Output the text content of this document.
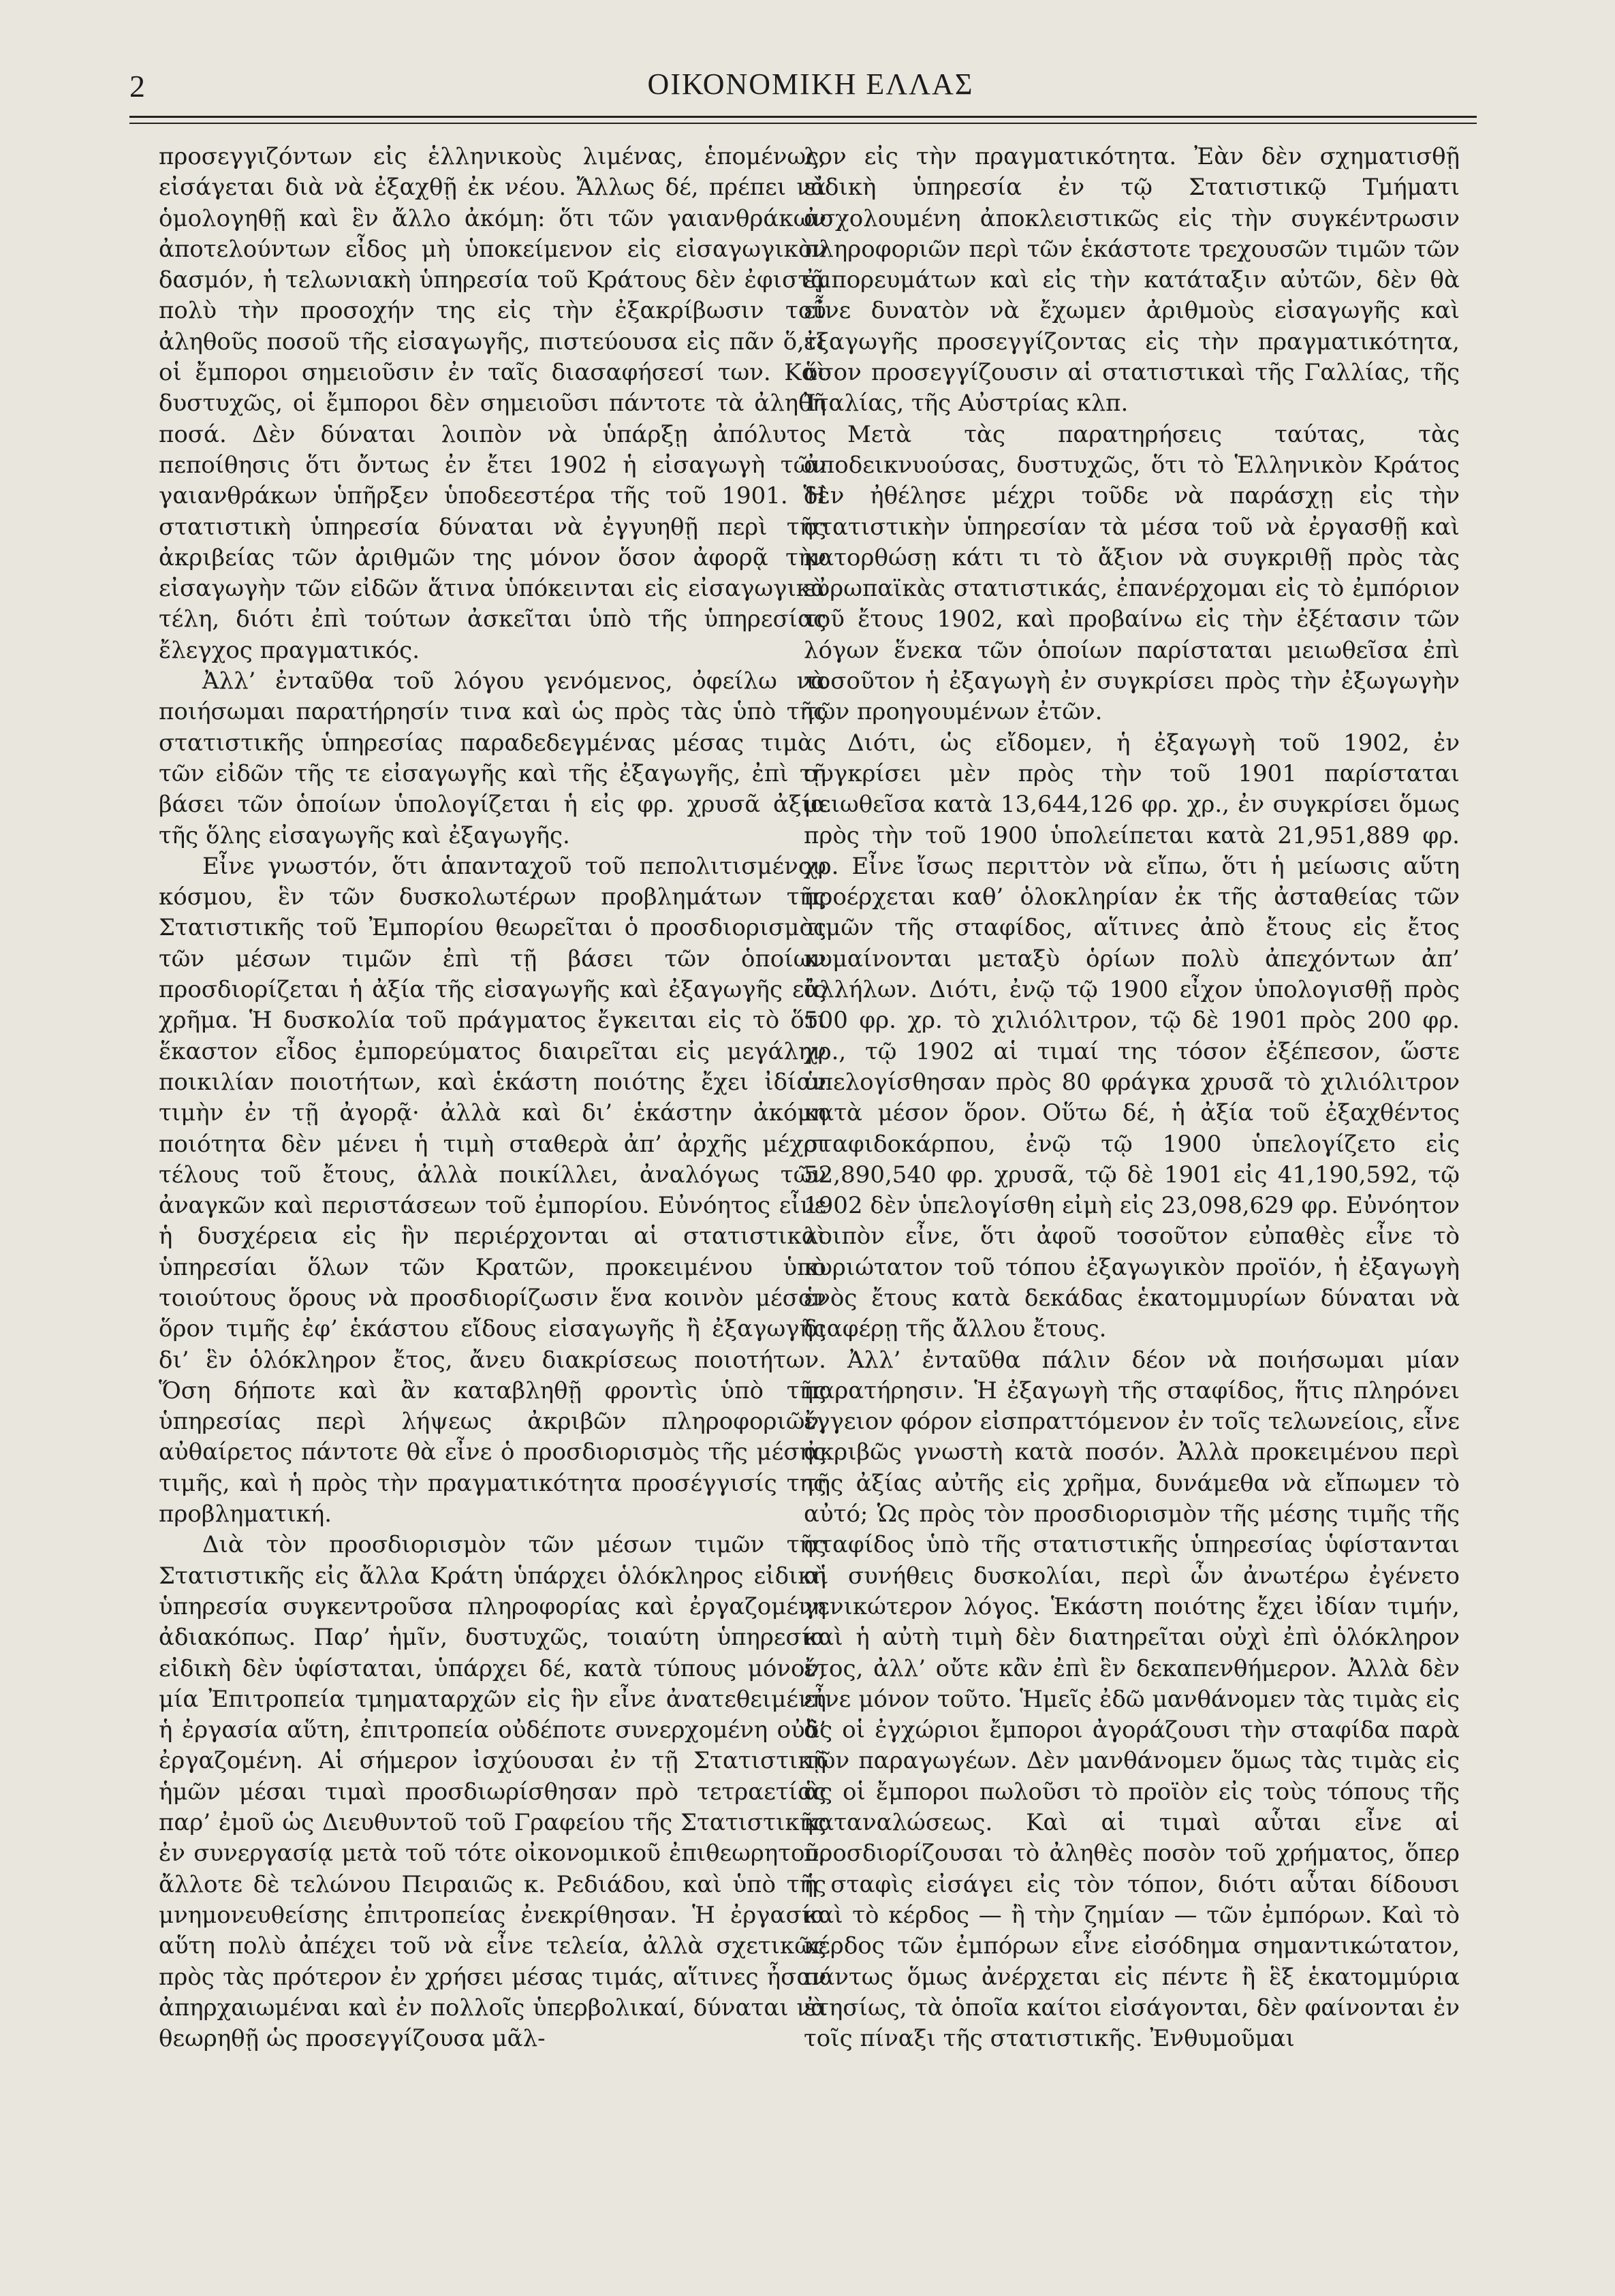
2	ΟΙΚΟΝΟΜΙΚΗ ΕΛΛΑΣ

προσεγγιζόντων εἰς ἑλληνικοὺς λιμένας, ἑπομένως, εἰσάγεται διὰ νὰ ἐξαχθῇ ἐκ νέου. Ἄλλως δέ, πρέπει νὰ ὁμολογηθῇ καὶ ἓν ἄλλο ἀκόμη: ὅτι τῶν γαιανθράκων ἀποτελούντων εἶδος μὴ ὑποκείμενον εἰς εἰσαγωγικὸν δασμόν, ἡ τελωνιακὴ ὑπηρεσία τοῦ Κράτους δὲν ἐφιστᾷ πολὺ τὴν προσοχήν της εἰς τὴν ἐξακρίβωσιν τοῦ ἀληθοῦς ποσοῦ τῆς εἰσαγωγῆς, πιστεύουσα εἰς πᾶν ὅ,τι οἱ ἔμποροι σημειοῦσιν ἐν ταῖς διασαφήσεσί των. Καὶ δυστυχῶς, οἱ ἔμποροι δὲν σημειοῦσι πάντοτε τὰ ἀληθῆ ποσά. Δὲν δύναται λοιπὸν νὰ ὑπάρξῃ ἀπόλυτος πεποίθησις ὅτι ὄντως ἐν ἔτει 1902 ἡ εἰσαγωγὴ τῶν γαιανθράκων ὑπῆρξεν ὑποδεεστέρα τῆς τοῦ 1901. Ἡ στατιστικὴ ὑπηρεσία δύναται νὰ ἐγγυηθῇ περὶ τῆς ἀκριβείας τῶν ἀριθμῶν της μόνον ὅσον ἀφορᾷ τὴν εἰσαγωγὴν τῶν εἰδῶν ἅτινα ὑπόκεινται εἰς εἰσαγωγικὰ τέλη, διότι ἐπὶ τούτων ἀσκεῖται ὑπὸ τῆς ὑπηρεσίας ἔλεγχος πραγματικός.

Ἀλλ’ ἐνταῦθα τοῦ λόγου γενόμενος, ὀφείλω νὰ ποιήσωμαι παρατήρησίν τινα καὶ ὡς πρὸς τὰς ὑπὸ τῆς στατιστικῆς ὑπηρεσίας παραδεδεγμένας μέσας τιμὰς τῶν εἰδῶν τῆς τε εἰσαγωγῆς καὶ τῆς ἐξαγωγῆς, ἐπὶ τῇ βάσει τῶν ὁποίων ὑπολογίζεται ἡ εἰς φρ. χρυσᾶ ἀξία τῆς ὅλης εἰσαγωγῆς καὶ ἐξαγωγῆς.

Εἶνε γνωστόν, ὅτι ἁπανταχοῦ τοῦ πεπολιτισμένου κόσμου, ἓν τῶν δυσκολωτέρων προβλημάτων τῆς Στατιστικῆς τοῦ Ἐμπορίου θεωρεῖται ὁ προσδιορισμὸς τῶν μέσων τιμῶν ἐπὶ τῇ βάσει τῶν ὁποίων προσδιορίζεται ἡ ἀξία τῆς εἰσαγωγῆς καὶ ἐξαγωγῆς εἰς χρῆμα. Ἡ δυσκολία τοῦ πράγματος ἔγκειται εἰς τὸ ὅτι ἕκαστον εἶδος ἐμπορεύματος διαιρεῖται εἰς μεγάλην ποικιλίαν ποιοτήτων, καὶ ἑκάστη ποιότης ἔχει ἰδίαν τιμὴν ἐν τῇ ἀγορᾷ· ἀλλὰ καὶ δι’ ἑκάστην ἀκόμη ποιότητα δὲν μένει ἡ τιμὴ σταθερὰ ἀπ’ ἀρχῆς μέχρι τέλους τοῦ ἔτους, ἀλλὰ ποικίλλει, ἀναλόγως τῶν ἀναγκῶν καὶ περιστάσεων τοῦ ἐμπορίου. Εὐνόητος εἶνε ἡ δυσχέρεια εἰς ἣν περιέρχονται αἱ στατιστικαὶ ὑπηρεσίαι ὅλων τῶν Κρατῶν, προκειμένου ὑπὸ τοιούτους ὅρους νὰ προσδιορίζωσιν ἕνα κοινὸν μέσον ὅρον τιμῆς ἐφ’ ἑκάστου εἴδους εἰσαγωγῆς ἢ ἐξαγωγῆς δι’ ἓν ὁλόκληρον ἔτος, ἄνευ διακρίσεως ποιοτήτων. Ὅση δήποτε καὶ ἂν καταβληθῇ φροντὶς ὑπὸ τῆς ὑπηρεσίας περὶ λήψεως ἀκριβῶν πληροφοριῶν, αὐθαίρετος πάντοτε θὰ εἶνε ὁ προσδιορισμὸς τῆς μέσης τιμῆς, καὶ ἡ πρὸς τὴν πραγματικότητα προσέγγισίς της προβληματική.

Διὰ τὸν προσδιορισμὸν τῶν μέσων τιμῶν τῆς Στατιστικῆς εἰς ἄλλα Κράτη ὑπάρχει ὁλόκληρος εἰδικὴ ὑπηρεσία συγκεντροῦσα πληροφορίας καὶ ἐργαζομένη ἀδιακόπως. Παρ’ ἡμῖν, δυστυχῶς, τοιαύτη ὑπηρεσία εἰδικὴ δὲν ὑφίσταται, ὑπάρχει δέ, κατὰ τύπους μόνον, μία Ἐπιτροπεία τμηματαρχῶν εἰς ἣν εἶνε ἀνατεθειμένη ἡ ἐργασία αὕτη, ἐπιτροπεία οὐδέποτε συνερχομένη οὐδ’ ἐργαζομένη. Αἱ σήμερον ἰσχύουσαι ἐν τῇ Στατιστικῇ ἡμῶν μέσαι τιμαὶ προσδιωρίσθησαν πρὸ τετραετίας παρ’ ἐμοῦ ὡς Διευθυντοῦ τοῦ Γραφείου τῆς Στατιστικῆς ἐν συνεργασίᾳ μετὰ τοῦ τότε οἰκονομικοῦ ἐπιθεωρητοῦ, ἄλλοτε δὲ τελώνου Πειραιῶς κ. Ρεδιάδου, καὶ ὑπὸ τῆς μνημονευθείσης ἐπιτροπείας ἐνεκρίθησαν. Ἡ ἐργασία αὕτη πολὺ ἀπέχει τοῦ νὰ εἶνε τελεία, ἀλλὰ σχετικῶς πρὸς τὰς πρότερον ἐν χρήσει μέσας τιμάς, αἵτινες ἦσαν ἀπηρχαιωμέναι καὶ ἐν πολλοῖς ὑπερβολικαί, δύναται νὰ θεωρηθῇ ὡς προσεγγίζουσα μᾶλ-

λον εἰς τὴν πραγματικότητα. Ἐὰν δὲν σχηματισθῇ εἰδικὴ ὑπηρεσία ἐν τῷ Στατιστικῷ Τμήματι ἀσχολουμένη ἀποκλειστικῶς εἰς τὴν συγκέντρωσιν πληροφοριῶν περὶ τῶν ἑκάστοτε τρεχουσῶν τιμῶν τῶν ἐμπορευμάτων καὶ εἰς τὴν κατάταξιν αὐτῶν, δὲν θὰ εἶνε δυνατὸν νὰ ἔχωμεν ἀριθμοὺς εἰσαγωγῆς καὶ ἐξαγωγῆς προσεγγίζοντας εἰς τὴν πραγματικότητα, ὅσον προσεγγίζουσιν αἱ στατιστικαὶ τῆς Γαλλίας, τῆς Ἰταλίας, τῆς Αὐστρίας κλπ.

Μετὰ τὰς παρατηρήσεις ταύτας, τὰς ἀποδεικνυούσας, δυστυχῶς, ὅτι τὸ Ἑλληνικὸν Κράτος δὲν ἠθέλησε μέχρι τοῦδε νὰ παράσχῃ εἰς τὴν στατιστικὴν ὑπηρεσίαν τὰ μέσα τοῦ νὰ ἐργασθῇ καὶ κατορθώσῃ κάτι τι τὸ ἄξιον νὰ συγκριθῇ πρὸς τὰς εὐρωπαϊκὰς στατιστικάς, ἐπανέρχομαι εἰς τὸ ἐμπόριον τοῦ ἔτους 1902, καὶ προβαίνω εἰς τὴν ἐξέτασιν τῶν λόγων ἕνεκα τῶν ὁποίων παρίσταται μειωθεῖσα ἐπὶ τοσοῦτον ἡ ἐξαγωγὴ ἐν συγκρίσει πρὸς τὴν ἐξωγωγὴν τῶν προηγουμένων ἐτῶν.

Διότι, ὡς εἴδομεν, ἡ ἐξαγωγὴ τοῦ 1902, ἐν συγκρίσει μὲν πρὸς τὴν τοῦ 1901 παρίσταται μειωθεῖσα κατὰ 13,644,126 φρ. χρ., ἐν συγκρίσει ὅμως πρὸς τὴν τοῦ 1900 ὑπολείπεται κατὰ 21,951,889 φρ. χρ. Εἶνε ἴσως περιττὸν νὰ εἴπω, ὅτι ἡ μείωσις αὕτη προέρχεται καθ’ ὁλοκληρίαν ἐκ τῆς ἀσταθείας τῶν τιμῶν τῆς σταφίδος, αἵτινες ἀπὸ ἔτους εἰς ἔτος κυμαίνονται μεταξὺ ὁρίων πολὺ ἀπεχόντων ἀπ’ ἀλλήλων. Διότι, ἐνῷ τῷ 1900 εἶχον ὑπολογισθῇ πρὸς 500 φρ. χρ. τὸ χιλιόλιτρον, τῷ δὲ 1901 πρὸς 200 φρ. χρ., τῷ 1902 αἱ τιμαί της τόσον ἐξέπεσον, ὥστε ὑπελογίσθησαν πρὸς 80 φράγκα χρυσᾶ τὸ χιλιόλιτρον κατὰ μέσον ὅρον. Οὕτω δέ, ἡ ἀξία τοῦ ἐξαχθέντος σταφιδοκάρπου, ἐνῷ τῷ 1900 ὑπελογίζετο εἰς 52,890,540 φρ. χρυσᾶ, τῷ δὲ 1901 εἰς 41,190,592, τῷ 1902 δὲν ὑπελογίσθη εἰμὴ εἰς 23,098,629 φρ. Εὐνόητον λοιπὸν εἶνε, ὅτι ἀφοῦ τοσοῦτον εὐπαθὲς εἶνε τὸ κυριώτατον τοῦ τόπου ἐξαγωγικὸν προϊόν, ἡ ἐξαγωγὴ ἑνὸς ἔτους κατὰ δεκάδας ἑκατομμυρίων δύναται νὰ διαφέρῃ τῆς ἄλλου ἔτους.

Ἀλλ’ ἐνταῦθα πάλιν δέον νὰ ποιήσωμαι μίαν παρατήρησιν. Ἡ ἐξαγωγὴ τῆς σταφίδος, ἥτις πληρόνει ἔγγειον φόρον εἰσπραττόμενον ἐν τοῖς τελωνείοις, εἶνε ἀκριβῶς γνωστὴ κατὰ ποσόν. Ἀλλὰ προκειμένου περὶ τῆς ἀξίας αὐτῆς εἰς χρῆμα, δυνάμεθα νὰ εἴπωμεν τὸ αὐτό; Ὡς πρὸς τὸν προσδιορισμὸν τῆς μέσης τιμῆς τῆς σταφίδος ὑπὸ τῆς στατιστικῆς ὑπηρεσίας ὑφίστανται αἱ συνήθεις δυσκολίαι, περὶ ὧν ἀνωτέρω ἐγένετο γενικώτερον λόγος. Ἑκάστη ποιότης ἔχει ἰδίαν τιμήν, καὶ ἡ αὐτὴ τιμὴ δὲν διατηρεῖται οὐχὶ ἐπὶ ὁλόκληρον ἔτος, ἀλλ’ οὔτε κἂν ἐπὶ ἓν δεκαπενθήμερον. Ἀλλὰ δὲν εἶνε μόνον τοῦτο. Ἡμεῖς ἐδῶ μανθάνομεν τὰς τιμὰς εἰς ἃς οἱ ἐγχώριοι ἔμποροι ἀγοράζουσι τὴν σταφίδα παρὰ τῶν παραγωγέων. Δὲν μανθάνομεν ὅμως τὰς τιμὰς εἰς ἃς οἱ ἔμποροι πωλοῦσι τὸ προϊὸν εἰς τοὺς τόπους τῆς καταναλώσεως. Καὶ αἱ τιμαὶ αὗται εἶνε αἱ προσδιορίζουσαι τὸ ἀληθὲς ποσὸν τοῦ χρήματος, ὅπερ ἡ σταφὶς εἰσάγει εἰς τὸν τόπον, διότι αὗται δίδουσι καὶ τὸ κέρδος — ἢ τὴν ζημίαν — τῶν ἐμπόρων. Καὶ τὸ κέρδος τῶν ἐμπόρων εἶνε εἰσόδημα σημαντικώτατον, πάντως ὅμως ἀνέρχεται εἰς πέντε ἢ ἓξ ἑκατομμύρια ἐτησίως, τὰ ὁποῖα καίτοι εἰσάγονται, δὲν φαίνονται ἐν τοῖς πίναξι τῆς στατιστικῆς. Ἐνθυμοῦμαι
